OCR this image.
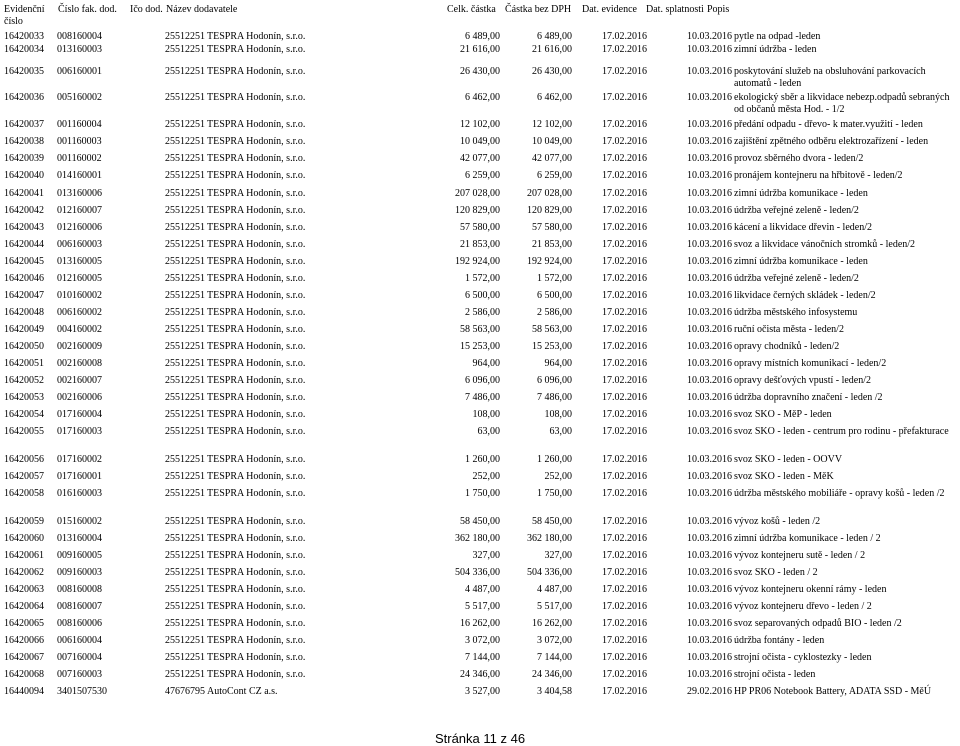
Evidenční
číslo
Číslo fak. dod. Ičo dod. Název dodavatele	Celk. částka Částka bez DPH Dat. evidence Dat. splatnosti Popis
16420033 008160004	25512251 TESPRA Hodonín, s.r.o.	6 489,00	6 489,00	17.02.2016	10.03.2016 pytle na odpad -leden
16420034 013160003	25512251 TESPRA Hodonín, s.r.o.	21 616,00	21 616,00	17.02.2016	10.03.2016 zimní údržba - leden
16420035 006160001	25512251 TESPRA Hodonín, s.r.o.	26 430,00	26 430,00	17.02.2016	10.03.2016 poskytování služeb na obsluhování parkovacích automatů - leden
16420036 005160002	25512251 TESPRA Hodonín, s.r.o.	6 462,00	6 462,00	17.02.2016	10.03.2016 ekologický sběr a likvidace nebezp.odpadů sebraných od občanů města Hod. - 1/2
16420037 001160004	25512251 TESPRA Hodonín, s.r.o.	12 102,00	12 102,00	17.02.2016	10.03.2016 předání odpadu - dřevo- k mater.využití - leden
16420038 001160003	25512251 TESPRA Hodonín, s.r.o.	10 049,00	10 049,00	17.02.2016	10.03.2016 zajištění zpětného odběru elektrozařízení - leden
16420039 001160002	25512251 TESPRA Hodonín, s.r.o.	42 077,00	42 077,00	17.02.2016	10.03.2016 provoz sběrného dvora - leden/2
16420040 014160001	25512251 TESPRA Hodonín, s.r.o.	6 259,00	6 259,00	17.02.2016	10.03.2016 pronájem kontejneru na hřbitově - leden/2
16420041 013160006	25512251 TESPRA Hodonín, s.r.o.	207 028,00	207 028,00	17.02.2016	10.03.2016 zimní údržba komunikace - leden
16420042 012160007	25512251 TESPRA Hodonín, s.r.o.	120 829,00	120 829,00	17.02.2016	10.03.2016 údržba veřejné zeleně - leden/2
16420043 012160006	25512251 TESPRA Hodonín, s.r.o.	57 580,00	57 580,00	17.02.2016	10.03.2016 kácení a likvidace dřevin - leden/2
16420044 006160003	25512251 TESPRA Hodonín, s.r.o.	21 853,00	21 853,00	17.02.2016	10.03.2016 svoz a likvidace vánočních stromků - leden/2
16420045 013160005	25512251 TESPRA Hodonín, s.r.o.	192 924,00	192 924,00	17.02.2016	10.03.2016 zimní údržba komunikace - leden
16420046 012160005	25512251 TESPRA Hodonín, s.r.o.	1 572,00	1 572,00	17.02.2016	10.03.2016 údržba veřejné zeleně - leden/2
16420047 010160002	25512251 TESPRA Hodonín, s.r.o.	6 500,00	6 500,00	17.02.2016	10.03.2016 likvidace černých skládek - leden/2
16420048 006160002	25512251 TESPRA Hodonín, s.r.o.	2 586,00	2 586,00	17.02.2016	10.03.2016 údržba městského infosystemu
16420049 004160002	25512251 TESPRA Hodonín, s.r.o.	58 563,00	58 563,00	17.02.2016	10.03.2016 ruční očista města - leden/2
16420050 002160009	25512251 TESPRA Hodonín, s.r.o.	15 253,00	15 253,00	17.02.2016	10.03.2016 opravy chodníků - leden/2
16420051 002160008	25512251 TESPRA Hodonín, s.r.o.	964,00	964,00	17.02.2016	10.03.2016 opravy místních komunikací - leden/2
16420052 002160007	25512251 TESPRA Hodonín, s.r.o.	6 096,00	6 096,00	17.02.2016	10.03.2016 opravy dešťových vpustí - leden/2
16420053 002160006	25512251 TESPRA Hodonín, s.r.o.	7 486,00	7 486,00	17.02.2016	10.03.2016 údržba dopravního značení - leden /2
16420054 017160004	25512251 TESPRA Hodonín, s.r.o.	108,00	108,00	17.02.2016	10.03.2016 svoz SKO - MěP - leden
16420055 017160003	25512251 TESPRA Hodonín, s.r.o.	63,00	63,00	17.02.2016	10.03.2016 svoz SKO - leden - centrum pro rodinu - přefakturace
16420056 017160002	25512251 TESPRA Hodonín, s.r.o.	1 260,00	1 260,00	17.02.2016	10.03.2016 svoz SKO - leden - OOVV
16420057 017160001	25512251 TESPRA Hodonín, s.r.o.	252,00	252,00	17.02.2016	10.03.2016 svoz SKO - leden - MěK
16420058 016160003	25512251 TESPRA Hodonín, s.r.o.	1 750,00	1 750,00	17.02.2016	10.03.2016 údržba městského mobiliáře - opravy košů - leden /2
16420059 015160002	25512251 TESPRA Hodonín, s.r.o.	58 450,00	58 450,00	17.02.2016	10.03.2016 vývoz košů - leden /2
16420060 013160004	25512251 TESPRA Hodonín, s.r.o.	362 180,00	362 180,00	17.02.2016	10.03.2016 zimní údržba komunikace - leden / 2
16420061 009160005	25512251 TESPRA Hodonín, s.r.o.	327,00	327,00	17.02.2016	10.03.2016 vývoz kontejneru sutě - leden / 2
16420062 009160003	25512251 TESPRA Hodonín, s.r.o.	504 336,00	504 336,00	17.02.2016	10.03.2016 svoz SKO - leden / 2
16420063 008160008	25512251 TESPRA Hodonín, s.r.o.	4 487,00	4 487,00	17.02.2016	10.03.2016 vývoz kontejneru okenní rámy - leden
16420064 008160007	25512251 TESPRA Hodonín, s.r.o.	5 517,00	5 517,00	17.02.2016	10.03.2016 vývoz kontejneru dřevo - leden / 2
16420065 008160006	25512251 TESPRA Hodonín, s.r.o.	16 262,00	16 262,00	17.02.2016	10.03.2016 svoz separovaných odpadů BIO - leden /2
16420066 006160004	25512251 TESPRA Hodonín, s.r.o.	3 072,00	3 072,00	17.02.2016	10.03.2016 údržba fontány - leden
16420067 007160004	25512251 TESPRA Hodonín, s.r.o.	7 144,00	7 144,00	17.02.2016	10.03.2016 strojní očista - cyklostezky - leden
16420068 007160003	25512251 TESPRA Hodonín, s.r.o.	24 346,00	24 346,00	17.02.2016	10.03.2016 strojní očista - leden
16440094 3401507530	47676795 AutoCont CZ a.s.	3 527,00	3 404,58	17.02.2016	29.02.2016 HP PR06 Notebook Battery, ADATA SSD - MěÚ
Stránka 11 z 46
